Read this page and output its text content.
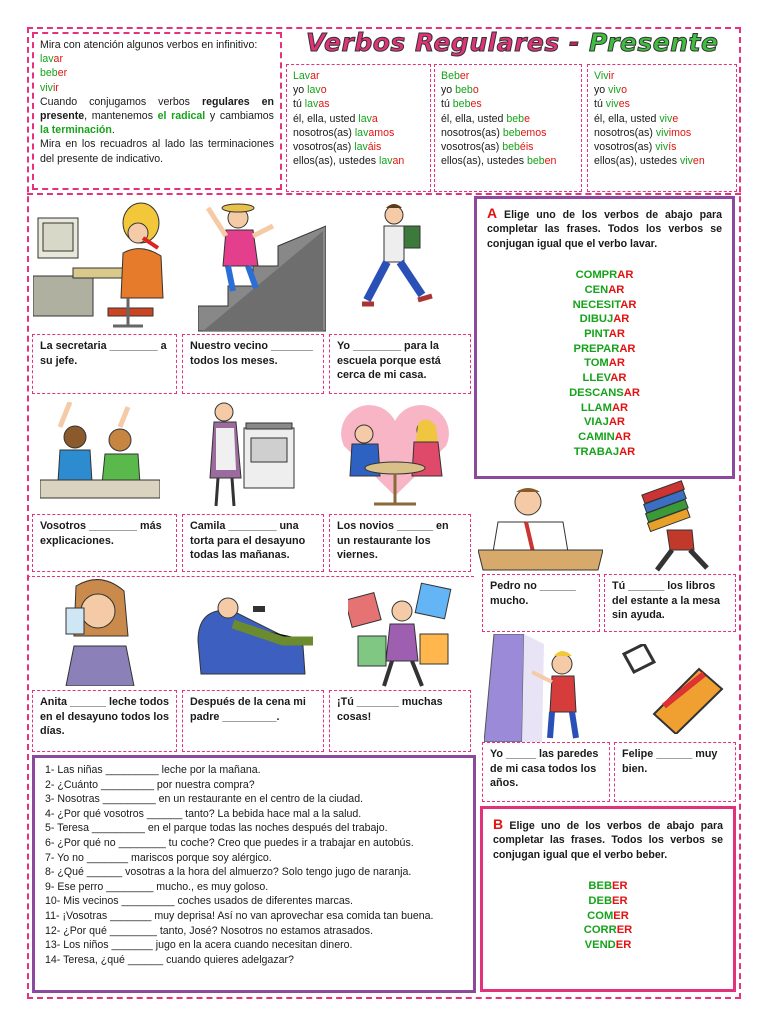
Verbos Regulares - Presente
Mira con atención algunos verbos en infinitivo:
lavar
beber
vivir
Cuando conjugamos verbos regulares en presente, mantenemos el radical y cambiamos la terminación.
Mira en los recuadros al lado las terminaciones del presente de indicativo.
Lavar
yo lavo
tú lavas
él, ella, usted lava
nosotros(as) lavamos
vosotros(as) laváis
ellos(as), ustedes lavan
Beber
yo bebo
tú bebes
él, ella, usted bebe
nosotros(as) bebemos
vosotros(as) bebéis
ellos(as), ustedes beben
Vivir
yo vivo
tú vives
él, ella, usted vive
nosotros(as) vivimos
vosotros(as) vivís
ellos(as), ustedes viven
A Elige uno de los verbos de abajo para completar las frases. Todos los verbos se conjugan igual que el verbo lavar.
COMPRAR
CENAR
NECESITAR
DIBUJAR
PINTAR
PREPARAR
TOMAR
LLEVAR
DESCANSAR
LLAMAR
VIAJAR
CAMINAR
TRABAJAR
La secretaria ________ a su jefe.
Nuestro vecino _______ todos los meses.
Yo ________ para la escuela porque está cerca de mi casa.
Vosotros ________ más explicaciones.
Camila ________ una torta para el desayuno todas las mañanas.
Los novios ______ en un restaurante los viernes.
Pedro no ______ mucho.
Tú ______ los libros del estante a la mesa sin ayuda.
Anita ______ leche todos en el desayuno todos los días.
Después de la cena mi padre _________.
¡Tú _______ muchas cosas!
Yo _____ las paredes de mi casa todos los años.
Felipe ______ muy bien.
1- Las niñas _________ leche por la mañana.
2- ¿Cuánto _________ por nuestra compra?
3- Nosotras _________ en un restaurante en el centro de la ciudad.
4- ¿Por qué vosotros ______ tanto? La bebida hace mal a la salud.
5- Teresa _________ en el parque todas las noches después del trabajo.
6- ¿Por qué no ________ tu coche? Creo que puedes ir a trabajar en autobús.
7- Yo no _______ mariscos porque soy alérgico.
8- ¿Qué ______ vosotras a la hora del almuerzo? Solo tengo jugo de naranja.
9- Ese perro ________ mucho., es muy goloso.
10- Mis vecinos _________ coches usados de diferentes marcas.
11- ¡Vosotras _______ muy deprisa! Así no van aprovechar esa comida tan buena.
12- ¿Por qué ________ tanto, José? Nosotros no estamos atrasados.
13- Los niños _______ jugo en la acera cuando necesitan dinero.
14- Teresa, ¿qué ______ cuando quieres adelgazar?
B Elige uno de los verbos de abajo para completar las frases. Todos los verbos se conjugan igual que el verbo beber.
BEBER
DEBER
COMER
CORRER
VENDER
